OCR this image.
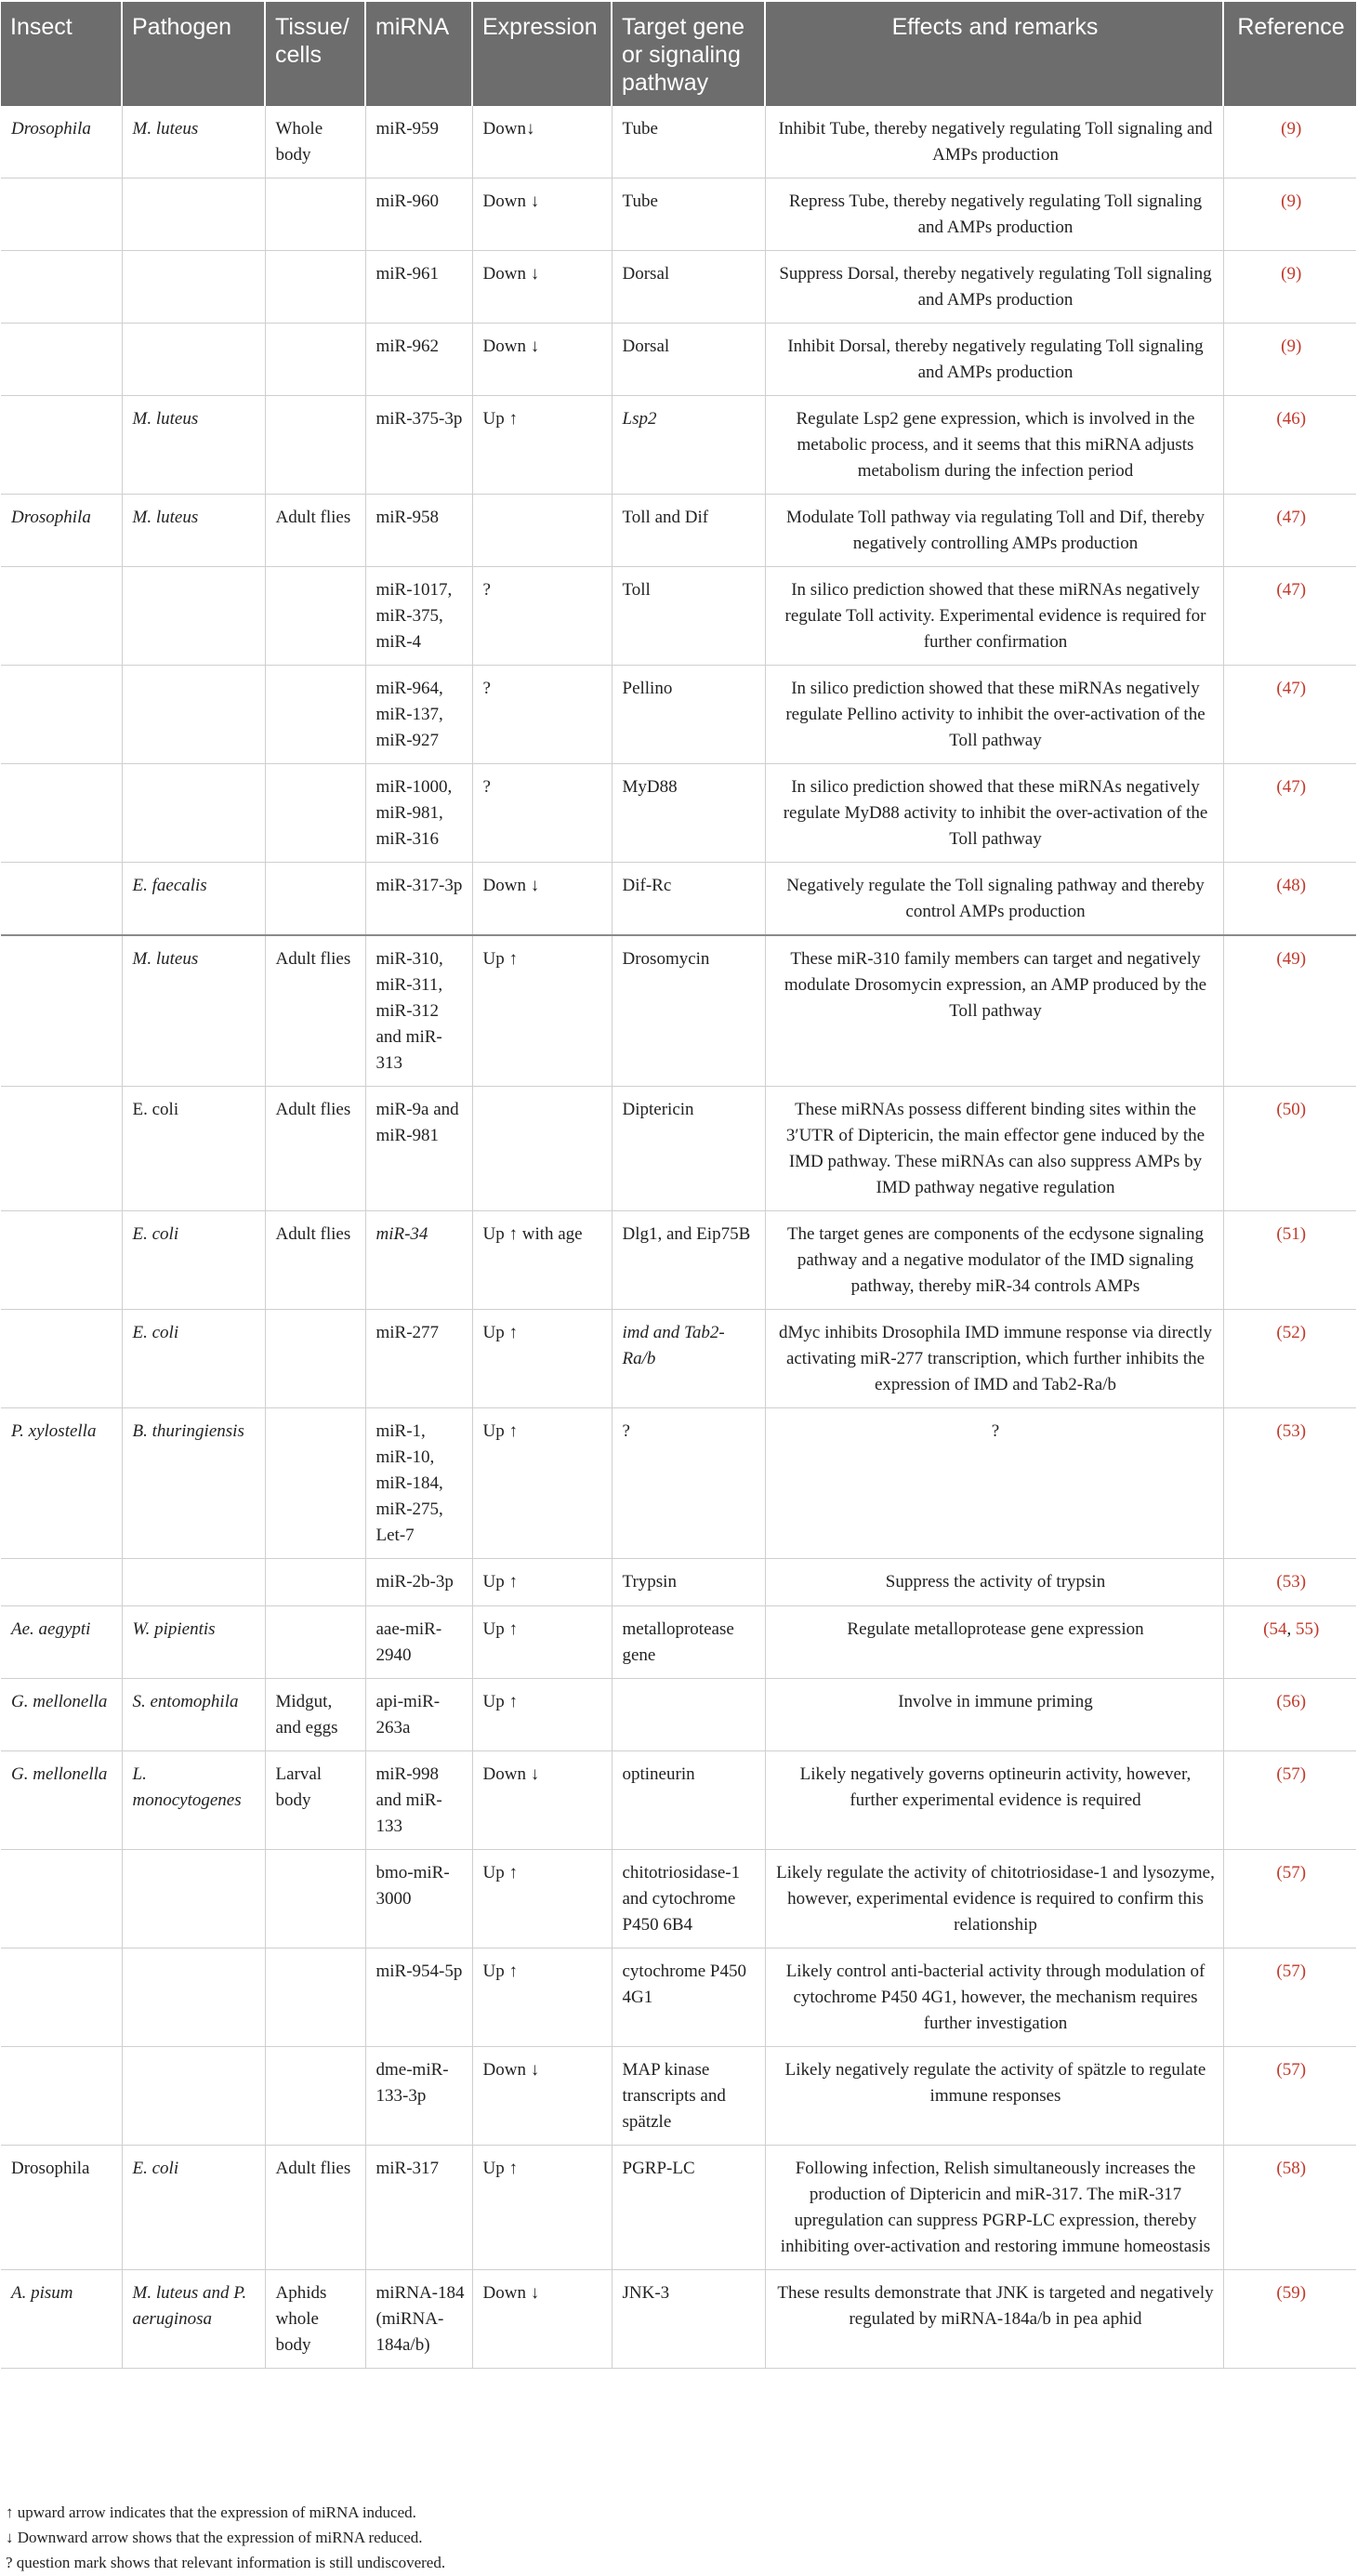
Insect	Pathogen	Tissue/ cells	miRNA	Expression	Target gene or signaling pathway	Effects and remarks	Reference
Drosophila	M. luteus	Whole body	miR-959	Down↓	Tube	Inhibit Tube, thereby negatively regulating Toll signaling and AMPs production	(9)
			miR-960	Down ↓	Tube	Repress Tube, thereby negatively regulating Toll signaling and AMPs production	(9)
			miR-961	Down ↓	Dorsal	Suppress Dorsal, thereby negatively regulating Toll signaling and AMPs production	(9)
			miR-962	Down ↓	Dorsal	Inhibit Dorsal, thereby negatively regulating Toll signaling and AMPs production	(9)
	M. luteus		miR-375-3p	Up ↑	Lsp2	Regulate Lsp2 gene expression, which is involved in the metabolic process, and it seems that this miRNA adjusts metabolism during the infection period	(46)
Drosophila	M. luteus	Adult flies	miR-958		Toll and Dif	Modulate Toll pathway via regulating Toll and Dif, thereby negatively controlling AMPs production	(47)
			miR-1017, miR-375, miR-4	?	Toll	In silico prediction showed that these miRNAs negatively regulate Toll activity. Experimental evidence is required for further confirmation	(47)
			miR-964, miR-137, miR-927	?	Pellino	In silico prediction showed that these miRNAs negatively regulate Pellino activity to inhibit the over-activation of the Toll pathway	(47)
			miR-1000, miR-981, miR-316	?	MyD88	In silico prediction showed that these miRNAs negatively regulate MyD88 activity to inhibit the over-activation of the Toll pathway	(47)
	E. faecalis		miR-317-3p	Down ↓	Dif-Rc	Negatively regulate the Toll signaling pathway and thereby control AMPs production	(48)
	M. luteus	Adult flies	miR-310, miR-311, miR-312 and miR-313	Up ↑	Drosomycin	These miR-310 family members can target and negatively modulate Drosomycin expression, an AMP produced by the Toll pathway	(49)
	E. coli	Adult flies	miR-9a and miR-981		Diptericin	These miRNAs possess different binding sites within the 3′UTR of Diptericin, the main effector gene induced by the IMD pathway. These miRNAs can also suppress AMPs by IMD pathway negative regulation	(50)
	E. coli	Adult flies	miR-34	Up ↑ with age	Dlg1, and Eip75B	The target genes are components of the ecdysone signaling pathway and a negative modulator of the IMD signaling pathway, thereby miR-34 controls AMPs	(51)
	E. coli		miR-277	Up ↑	imd and Tab2-Ra/b	dMyc inhibits Drosophila IMD immune response via directly activating miR-277 transcription, which further inhibits the expression of IMD and Tab2-Ra/b	(52)
P. xylostella	B. thuringiensis		miR-1, miR-10, miR-184, miR-275, Let-7	Up ↑	?	?	(53)
			miR-2b-3p	Up ↑	Trypsin	Suppress the activity of trypsin	(53)
Ae. aegypti	W. pipientis		aae-miR-2940	Up ↑	metalloprotease gene	Regulate metalloprotease gene expression	(54, 55)
G. mellonella	S. entomophila	Midgut, and eggs	api-miR-263a	Up ↑		Involve in immune priming	(56)
G. mellonella	L. monocytogenes	Larval body	miR-998 and miR-133	Down ↓	optineurin	Likely negatively governs optineurin activity, however, further experimental evidence is required	(57)
			bmo-miR-3000	Up ↑	chitotriosidase-1 and cytochrome P450 6B4	Likely regulate the activity of chitotriosidase-1 and lysozyme, however, experimental evidence is required to confirm this relationship	(57)
			miR-954-5p	Up ↑	cytochrome P450 4G1	Likely control anti-bacterial activity through modulation of cytochrome P450 4G1, however, the mechanism requires further investigation	(57)
			dme-miR-133-3p	Down ↓	MAP kinase transcripts and spätzle	Likely negatively regulate the activity of spätzle to regulate immune responses	(57)
Drosophila	E. coli	Adult flies	miR-317	Up ↑	PGRP-LC	Following infection, Relish simultaneously increases the production of Diptericin and miR-317. The miR-317 upregulation can suppress PGRP-LC expression, thereby inhibiting over-activation and restoring immune homeostasis	(58)
A. pisum	M. luteus and P. aeruginosa	Aphids whole body	miRNA-184 (miRNA-184a/b)	Down ↓	JNK-3	These results demonstrate that JNK is targeted and negatively regulated by miRNA-184a/b in pea aphid	(59)
↑ upward arrow indicates that the expression of miRNA induced.
↓ Downward arrow shows that the expression of miRNA reduced.
? question mark shows that relevant information is still undiscovered.
